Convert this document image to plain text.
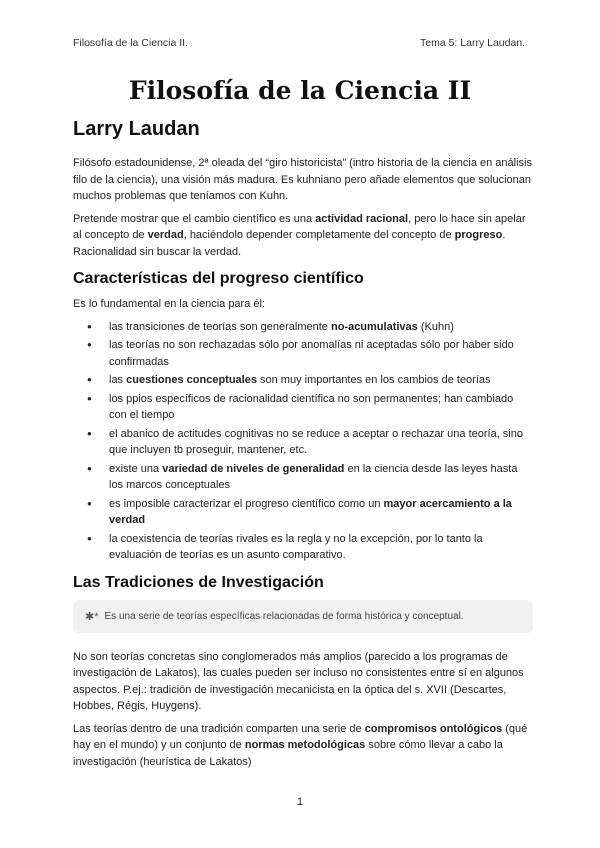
Filosofía de la Ciencia II.	Tema 5: Larry Laudan.
Filosofía de la Ciencia II
Larry Laudan

Filósofo estadounidense, 2ª oleada del “giro historicista” (intro historia de la ciencia en análisis filo de la ciencia), una visión más madura. Es kuhniano pero añade elementos que solucionan muchos problemas que teníamos con Kuhn.

Pretende mostrar que el cambio científico es una actividad racional, pero lo hace sin apelar al concepto de verdad, haciéndolo depender completamente del concepto de progreso. Racionalidad sin buscar la verdad.

Características del progreso científico

Es lo fundamental en la ciencia para él:

● las transiciones de teorías son generalmente no-acumulativas (Kuhn)
● las teorías no son rechazadas sólo por anomalías ni aceptadas sólo por haber sido confirmadas
● las cuestiones conceptuales son muy importantes en los cambios de teorías
● los ppios específicos de racionalidad científica no son permanentes; han cambiado con el tiempo
● el abanico de actitudes cognitivas no se reduce a aceptar o rechazar una teoría, sino que incluyen tb proseguir, mantener, etc.
● existe una variedad de niveles de generalidad en la ciencia desde las leyes hasta los marcos conceptuales
● es imposible caracterizar el progreso científico como un mayor acercamiento a la verdad
● la coexistencia de teorías rivales es la regla y no la excepción, por lo tanto la evaluación de teorías es un asunto comparativo.
Las Tradiciones de Investigación
✱* Es una serie de teorías específicas relacionadas de forma histórica y conceptual.

No son teorías concretas sino conglomerados más amplios (parecido a los programas de investigación de Lakatos), las cuales pueden ser incluso no consistentes entre sí en algunos aspectos. P.ej.: tradición de investigación mecanicista en la óptica del s. XVII (Descartes, Hobbes, Régis, Huygens).

Las teorías dentro de una tradición comparten una serie de compromisos ontológicos (qué hay en el mundo) y un conjunto de normas metodológicas sobre cómo llevar a cabo la investigación (heurística de Lakatos)

1
